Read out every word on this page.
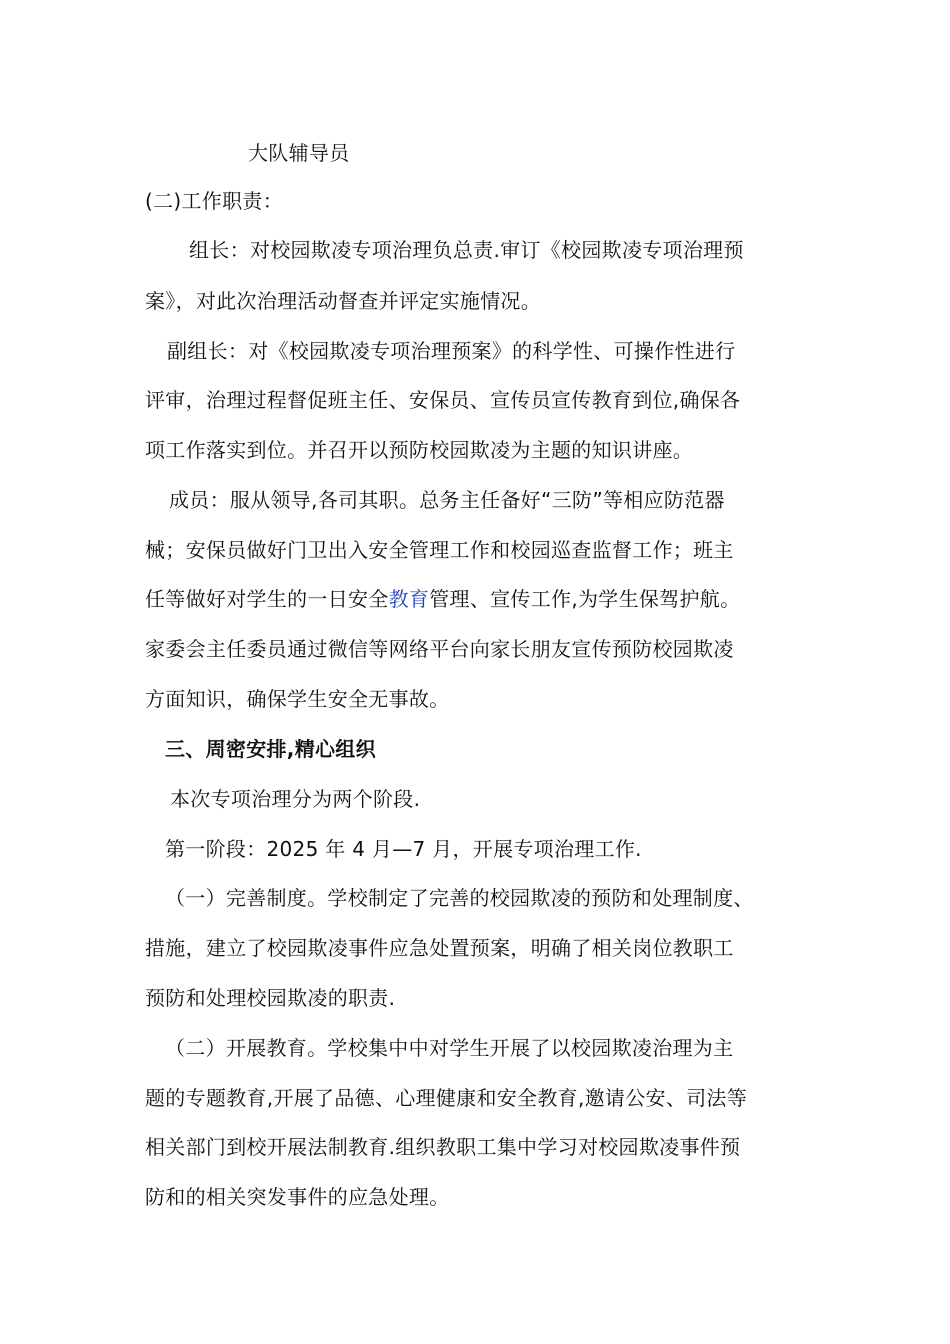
大队辅导员
(二)工作职责：
组长：对校园欺凌专项治理负总责.审订《校园欺凌专项治理预
案》，对此次治理活动督查并评定实施情况。
副组长：对《校园欺凌专项治理预案》的科学性、可操作性进行
评审，治理过程督促班主任、安保员、宣传员宣传教育到位,确保各
项工作落实到位。并召开以预防校园欺凌为主题的知识讲座。
成员：服从领导,各司其职。总务主任备好“三防”等相应防范器
械；安保员做好门卫出入安全管理工作和校园巡查监督工作；班主
任等做好对学生的一日安全教育管理、宣传工作,为学生保驾护航。
家委会主任委员通过微信等网络平台向家长朋友宣传预防校园欺凌
方面知识，确保学生安全无事故。
三、周密安排,精心组织
本次专项治理分为两个阶段.
第一阶段：2025 年 4 月—7 月，开展专项治理工作.
（一）完善制度。学校制定了完善的校园欺凌的预防和处理制度、
措施，建立了校园欺凌事件应急处置预案，明确了相关岗位教职工
预防和处理校园欺凌的职责.
（二）开展教育。学校集中中对学生开展了以校园欺凌治理为主
题的专题教育,开展了品德、心理健康和安全教育,邀请公安、司法等
相关部门到校开展法制教育.组织教职工集中学习对校园欺凌事件预
防和的相关突发事件的应急处理。
